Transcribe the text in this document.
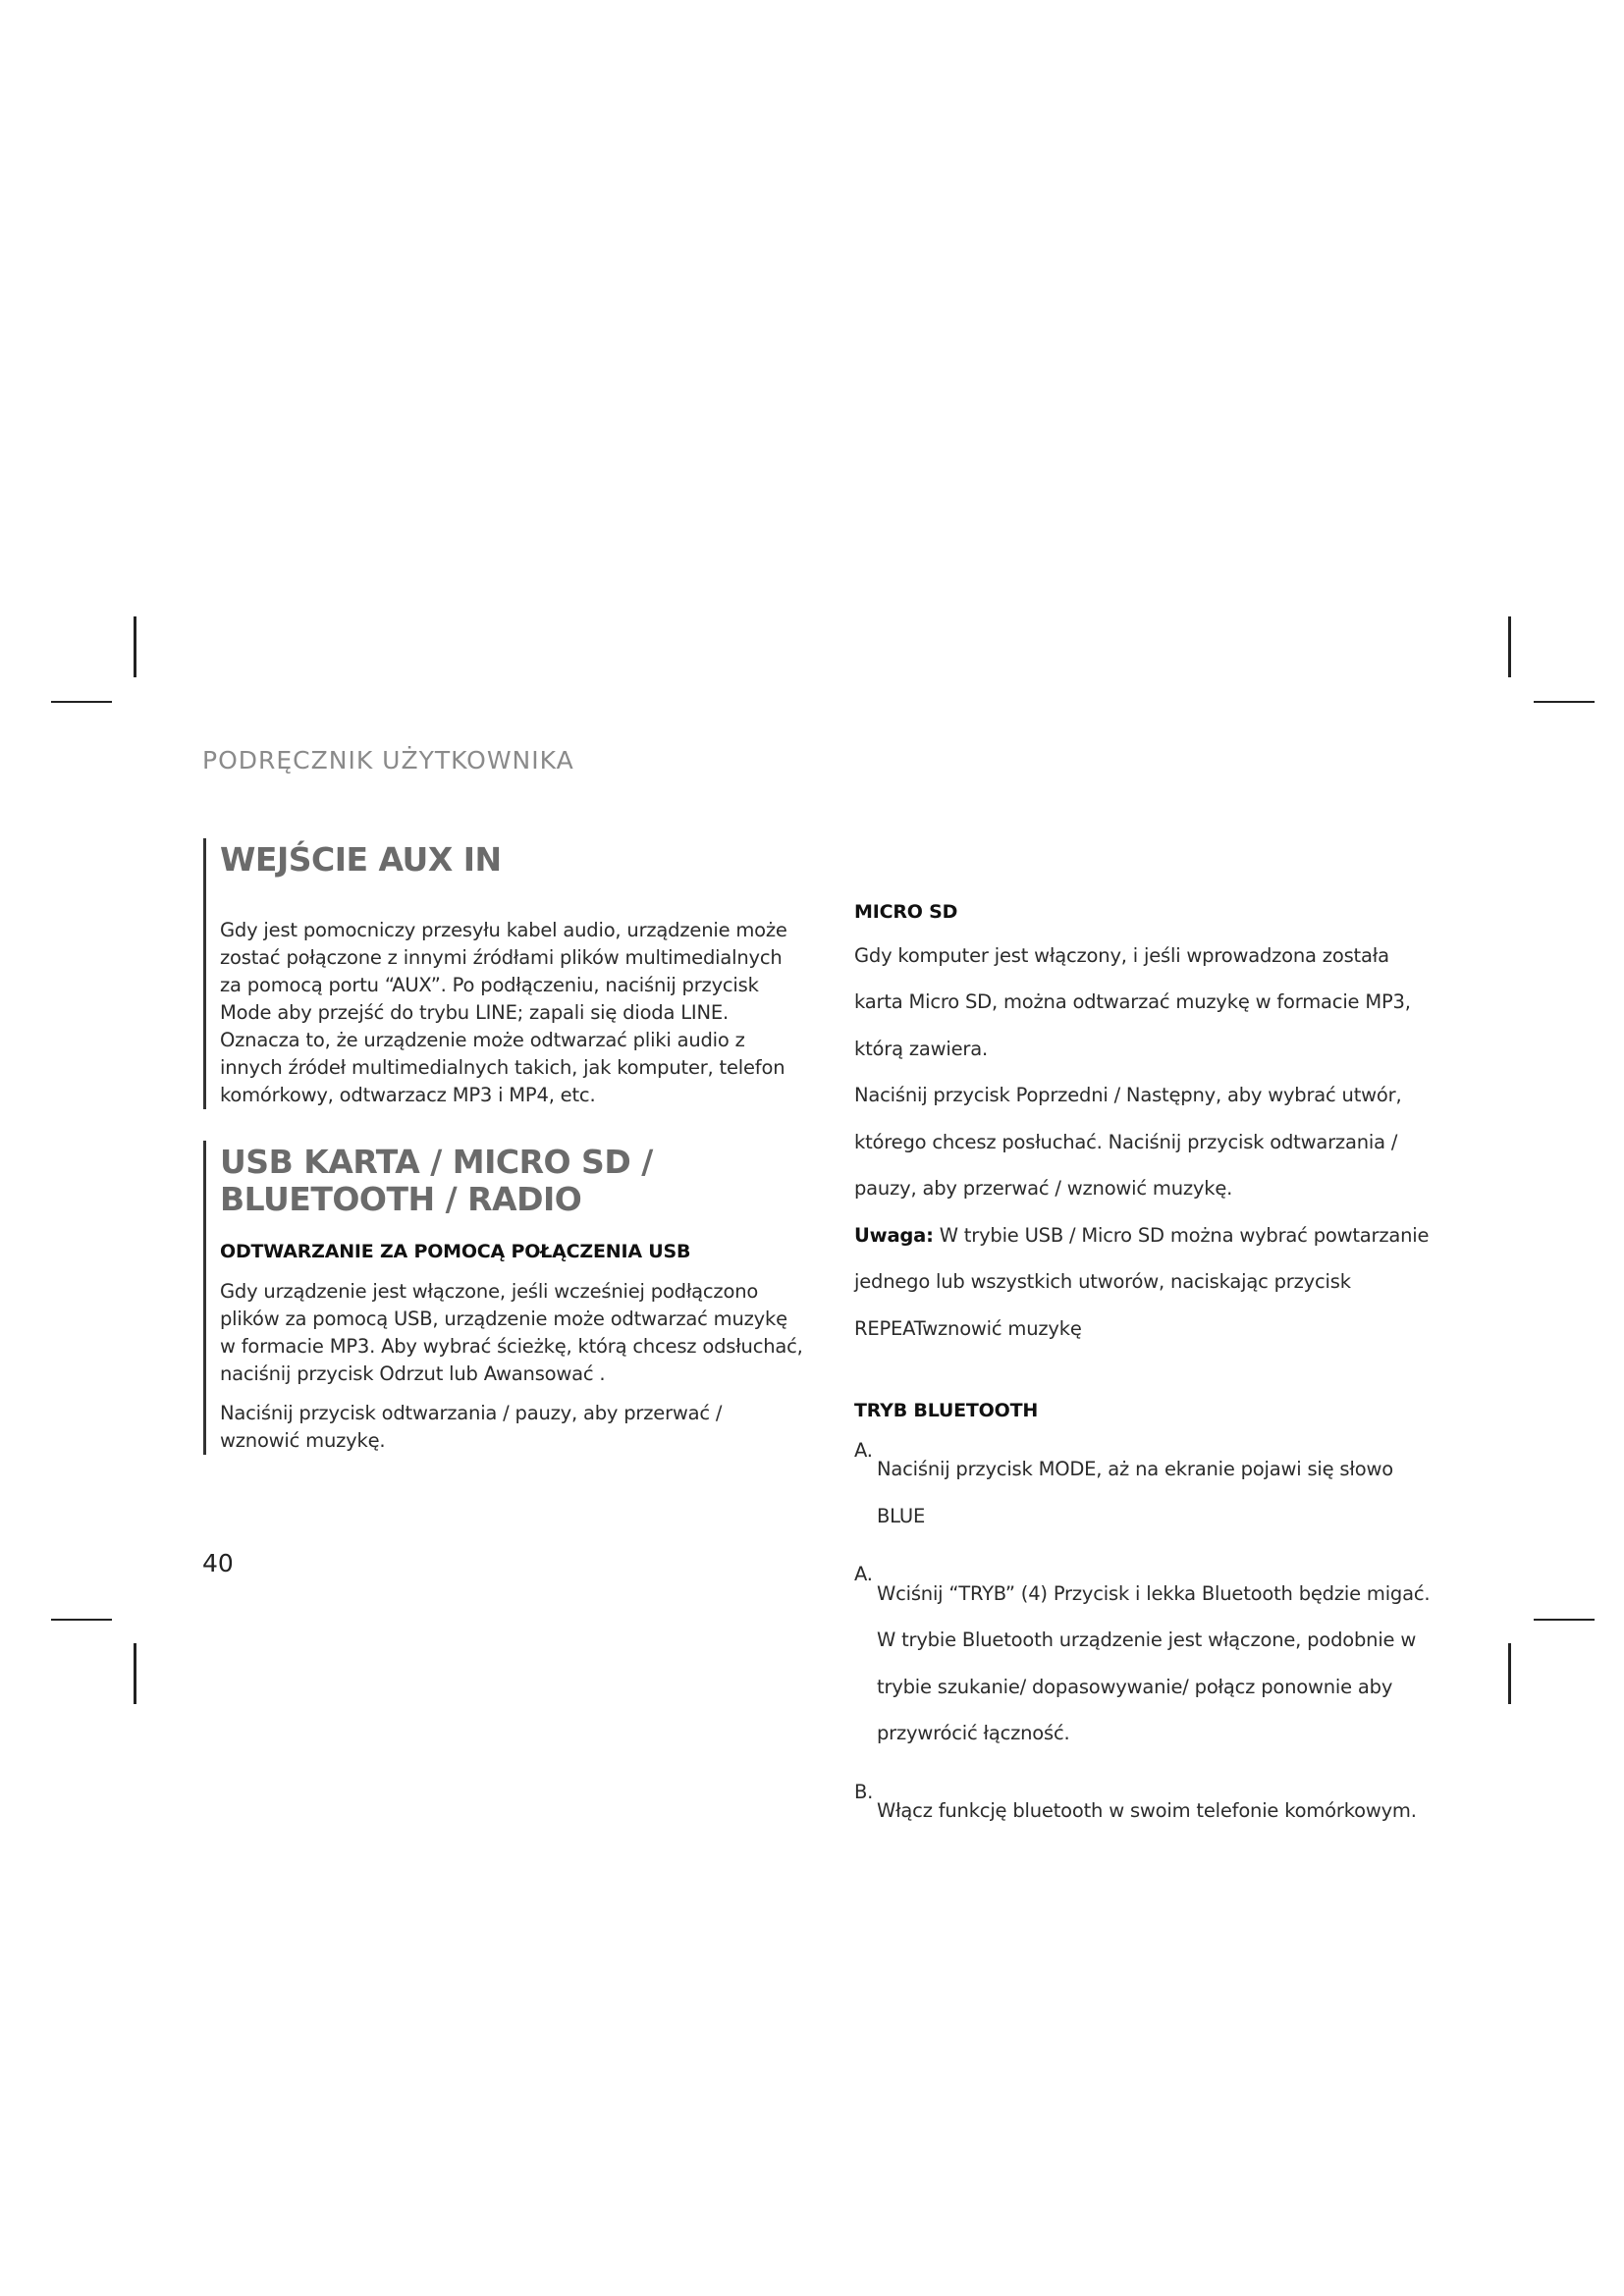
PODRĘCZNIK UŻYTKOWNIKA
WEJŚCIE AUX IN

Gdy jest pomocniczy przesyłu kabel audio, urządzenie może

zostać połączone z innymi źródłami plików multimedialnych

za pomocą portu “AUX”. Po podłączeniu, naciśnij przycisk

Mode aby przejść do trybu LINE; zapali się dioda LINE.

Oznacza to, że urządzenie może odtwarzać pliki audio z

innych źródeł multimedialnych takich, jak komputer, telefon

komórkowy, odtwarzacz MP3 i MP4, etc.

USB KARTA / MICRO SD /
BLUETOOTH / RADIO

ODTWARZANIE ZA POMOCĄ POŁĄCZENIA USB

Gdy urządzenie jest włączone, jeśli wcześniej podłączono

plików za pomocą USB, urządzenie może odtwarzać muzykę

w formacie MP3. Aby wybrać ścieżkę, którą chcesz odsłuchać,

naciśnij przycisk Odrzut lub Awansować .

Naciśnij przycisk odtwarzania / pauzy, aby przerwać /

wznowić muzykę.

MICRO SD

Gdy komputer jest włączony, i jeśli wprowadzona została

karta Micro SD, można odtwarzać muzykę w formacie MP3,

którą zawiera.

Naciśnij przycisk Poprzedni / Następny, aby wybrać utwór,

którego chcesz posłuchać. Naciśnij przycisk odtwarzania /

pauzy, aby przerwać / wznowić muzykę.

Uwaga: W trybie USB / Micro SD można wybrać powtarzanie

jednego lub wszystkich utworów, naciskając przycisk

REPEATwznowić muzykę

TRYB BLUETOOTH

A.

Naciśnij przycisk MODE, aż na ekranie pojawi się słowo

BLUE

A.

Wciśnij “TRYB” (4) Przycisk i lekka Bluetooth będzie migać.

W trybie Bluetooth urządzenie jest włączone, podobnie w

trybie szukanie/ dopasowywanie/ połącz ponownie aby

przywrócić łączność.

B.

Włącz funkcję bluetooth w swoim telefonie komórkowym.

40
